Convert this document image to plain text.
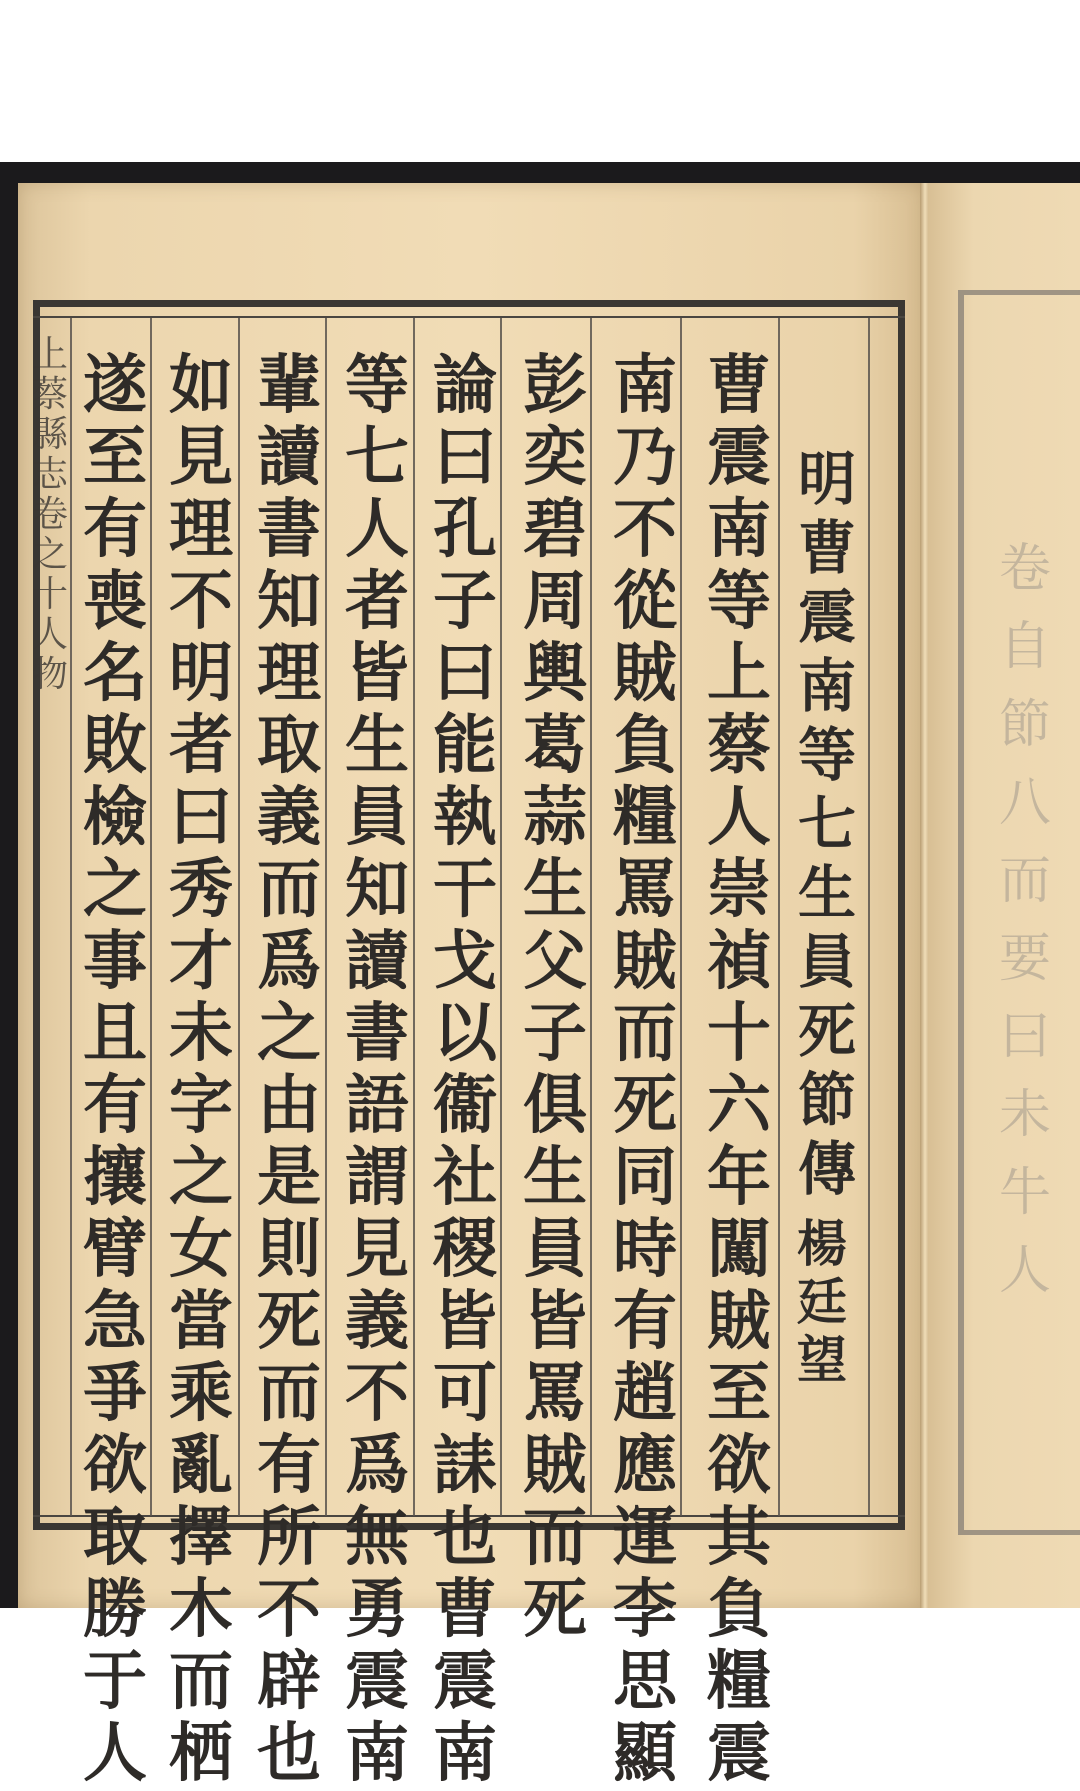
上
蔡
縣
志
卷
之
十
人
物
明
曹
震
南
等
七
生
員
死
節
傳
楊
廷
望
曹
震
南
等
上
蔡
人
崇
禎
十
六
年
闖
賊
至
欲
其
負
糧
震
南
乃
不
從
賊
負
糧
罵
賊
而
死
同
時
有
趙
應
運
李
思
顯
彭
奕
碧
周
輿
葛
蒜
生
父
子
俱
生
員
皆
罵
賊
而
死
論
曰
孔
子
曰
能
執
干
戈
以
衞
社
稷
皆
可
誄
也
曹
震
南
等
七
人
者
皆
生
員
知
讀
書
語
謂
見
義
不
爲
無
勇
震
南
輩
讀
書
知
理
取
義
而
爲
之
由
是
則
死
而
有
所
不
辟
也
如
見
理
不
明
者
曰
秀
才
未
字
之
女
當
乘
亂
擇
木
而
栖
遂
至
有
喪
名
敗
檢
之
事
且
有
攘
臂
急
爭
欲
取
勝
于
人
卷
自
節
八
而
要
曰
未
牛
人
